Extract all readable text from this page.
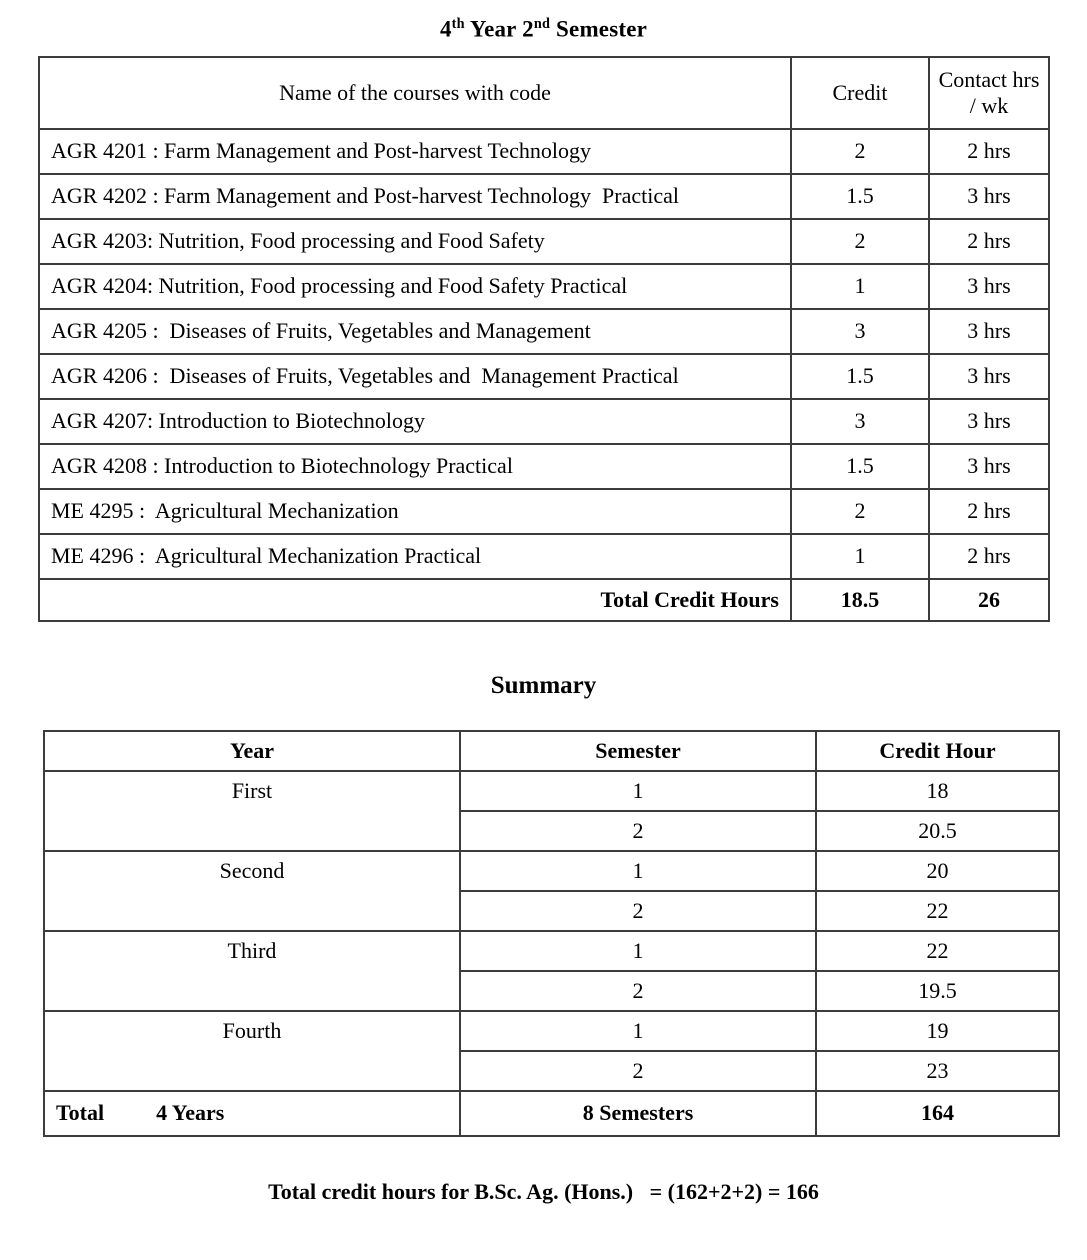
4th Year 2nd Semester
Name of the courses with code	Credit	Contact hrs / wk
AGR 4201 : Farm Management and Post-harvest Technology	2	2 hrs
AGR 4202 : Farm Management and Post-harvest Technology  Practical	1.5	3 hrs
AGR 4203: Nutrition, Food processing and Food Safety	2	2 hrs
AGR 4204: Nutrition, Food processing and Food Safety Practical	1	3 hrs
AGR 4205 :  Diseases of Fruits, Vegetables and Management	3	3 hrs
AGR 4206 :  Diseases of Fruits, Vegetables and  Management Practical	1.5	3 hrs
AGR 4207: Introduction to Biotechnology	3	3 hrs
AGR 4208 : Introduction to Biotechnology Practical	1.5	3 hrs
ME 4295 :  Agricultural Mechanization	2	2 hrs
ME 4296 :  Agricultural Mechanization Practical	1	2 hrs
Total Credit Hours	18.5	26
Summary
Year	Semester	Credit Hour
First	1	18
	2	20.5
Second	1	20
	2	22
Third	1	22
	2	19.5
Fourth	1	19
	2	23
Total 4 Years	8 Semesters	164

Total credit hours for B.Sc. Ag. (Hons.)   = (162+2+2) = 166
